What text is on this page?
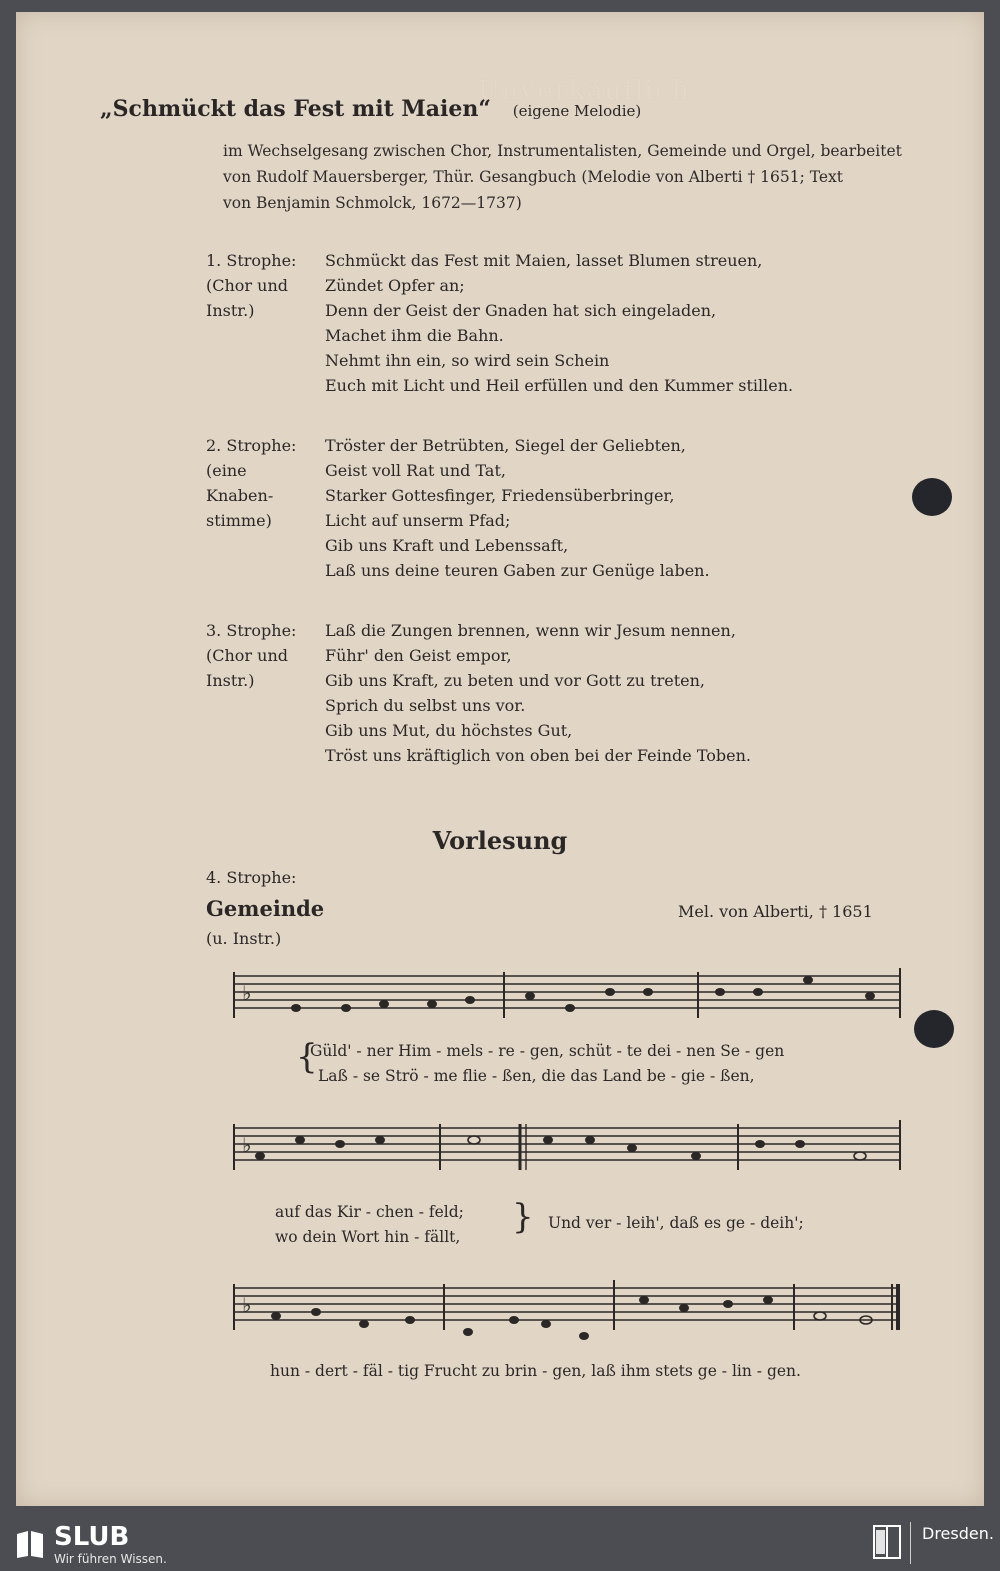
Unverkäuflich
„Schmückt das Fest mit Maien“ (eigene Melodie)
im Wechselgesang zwischen Chor, Instrumentalisten, Gemeinde und Orgel, bearbeitet
von Rudolf Mauersberger, Thür. Gesangbuch (Melodie von Alberti † 1651; Text
von Benjamin Schmolck, 1672—1737)
1. Strophe:
(Chor und
Instr.)
Schmückt das Fest mit Maien, lasset Blumen streuen,
Zündet Opfer an;
Denn der Geist der Gnaden hat sich eingeladen,
Machet ihm die Bahn.
Nehmt ihn ein, so wird sein Schein
Euch mit Licht und Heil erfüllen und den Kummer stillen.
2. Strophe:
(eine
Knaben-
stimme)
Tröster der Betrübten, Siegel der Geliebten,
Geist voll Rat und Tat,
Starker Gottesfinger, Friedensüberbringer,
Licht auf unserm Pfad;
Gib uns Kraft und Lebenssaft,
Laß uns deine teuren Gaben zur Genüge laben.
3. Strophe:
(Chor und
Instr.)
Laß die Zungen brennen, wenn wir Jesum nennen,
Führ' den Geist empor,
Gib uns Kraft, zu beten und vor Gott zu treten,
Sprich du selbst uns vor.
Gib uns Mut, du höchstes Gut,
Tröst uns kräftiglich von oben bei der Feinde Toben.
Vorlesung
4. Strophe:
Gemeinde
(u. Instr.)
Mel. von Alberti, † 1651
♭
♭
♭
{
Güld' - ner Him - mels - re - gen, schüt - te dei - nen Se - gen
Laß - se Strö - me flie - ßen, die das Land be - gie - ßen,
auf das Kir - chen - feld;
wo dein Wort hin - fällt, } Und ver - leih', daß es ge - deih';
hun - dert - fäl - tig Frucht zu brin - gen, laß ihm stets ge - lin - gen.
SLUB
Wir führen Wissen.
Dresden.
